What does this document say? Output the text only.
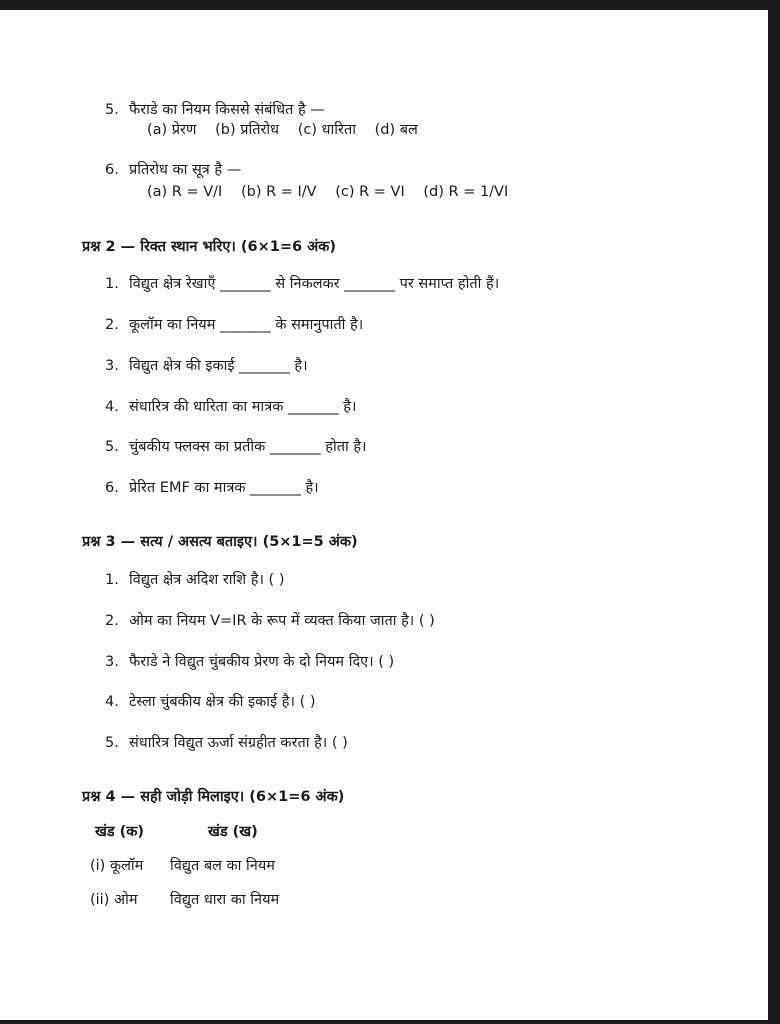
5. फैराडे का नियम किससे संबंधित है —
(a) प्रेरण (b) प्रतिरोध (c) धारिता (d) बल
6. प्रतिरोध का सूत्र है —
(a) R = V/I (b) R = I/V (c) R = VI (d) R = 1/VI
प्रश्न 2 — रिक्त स्थान भरिए। (6×1=6 अंक)
1. विद्युत क्षेत्र रेखाएँ _______ से निकलकर _______ पर समाप्त होती हैं।
2. कूलॉम का नियम _______ के समानुपाती है।
3. विद्युत क्षेत्र की इकाई _______ है।
4. संधारित्र की धारिता का मात्रक _______ है।
5. चुंबकीय फ्लक्स का प्रतीक _______ होता है।
6. प्रेरित EMF का मात्रक _______ है।
प्रश्न 3 — सत्य / असत्य बताइए। (5×1=5 अंक)
1. विद्युत क्षेत्र अदिश राशि है। ( )
2. ओम का नियम V=IR के रूप में व्यक्त किया जाता है। ( )
3. फैराडे ने विद्युत चुंबकीय प्रेरण के दो नियम दिए। ( )
4. टेस्ला चुंबकीय क्षेत्र की इकाई है। ( )
5. संधारित्र विद्युत ऊर्जा संग्रहीत करता है। ( )
प्रश्न 4 — सही जोड़ी मिलाइए। (6×1=6 अंक)
खंड (क)	खंड (ख)
(i) कूलॉम विद्युत बल का नियम
(ii) ओम विद्युत धारा का नियम
